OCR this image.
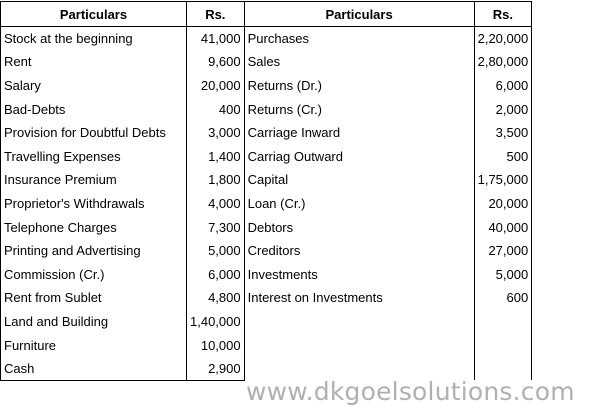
Particulars	Rs.	Particulars	Rs.
Stock at the beginning	41,000	Purchases	2,20,000
Rent	9,600	Sales	2,80,000
Salary	20,000	Returns (Dr.)	6,000
Bad-Debts	400	Returns (Cr.)	2,000
Provision for Doubtful Debts	3,000	Carriage Inward	3,500
Travelling Expenses	1,400	Carriag Outward	500
Insurance Premium	1,800	Capital	1,75,000
Proprietor's Withdrawals	4,000	Loan (Cr.)	20,000
Telephone Charges	7,300	Debtors	40,000
Printing and Advertising	5,000	Creditors	27,000
Commission (Cr.)	6,000	Investments	5,000
Rent from Sublet	4,800	Interest on Investments	600
Land and Building	1,40,000		
Furniture	10,000		
Cash	2,900		
www.dkgoelsolutions.com
